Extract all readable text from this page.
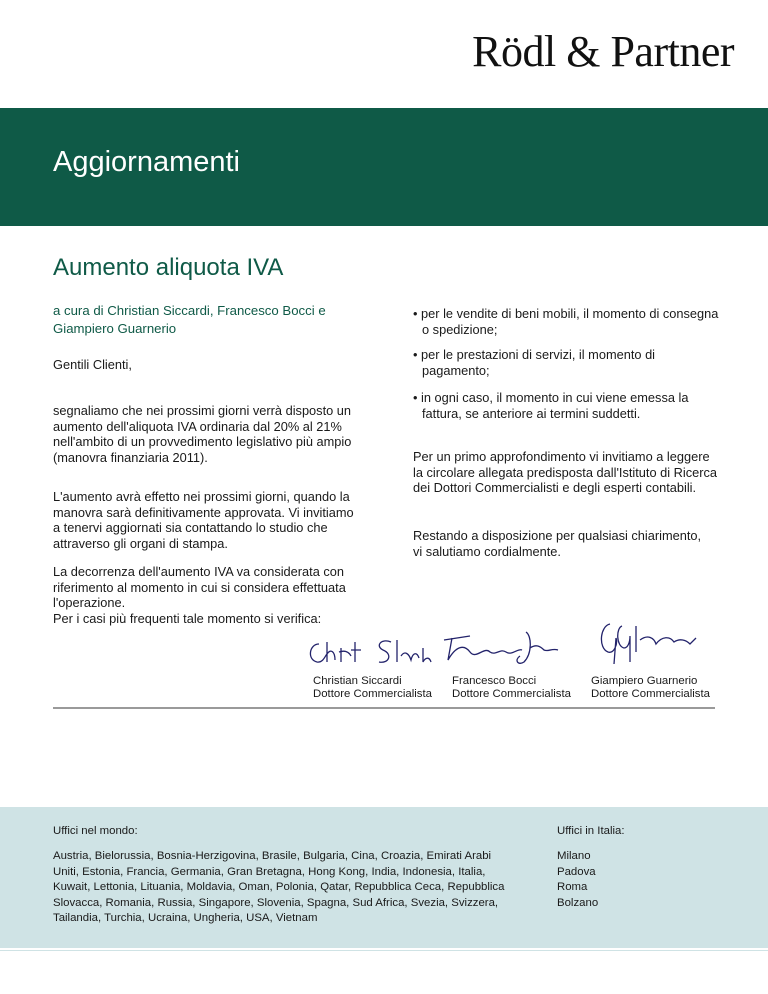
Rödl & Partner
Aggiornamenti
Aumento aliquota IVA
a cura di Christian Siccardi, Francesco Bocci e Giampiero Guarnerio
Gentili Clienti,
segnaliamo che nei prossimi giorni verrà disposto un
aumento dell'aliquota IVA ordinaria dal 20% al 21%
nell'ambito di un provvedimento legislativo più ampio
(manovra finanziaria 2011).
L'aumento avrà effetto nei prossimi giorni, quando la
manovra sarà definitivamente approvata. Vi invitiamo
a tenervi aggiornati sia contattando lo studio che
attraverso gli organi di stampa.
La decorrenza dell'aumento IVA va considerata con
riferimento al momento in cui si considera effettuata
l'operazione.
Per i casi più frequenti tale momento si verifica:
• per le vendite di beni mobili, il momento di consegna
o spedizione;
• per le prestazioni di servizi, il momento di
pagamento;
• in ogni caso, il momento in cui viene emessa la
fattura, se anteriore ai termini suddetti.
Per un primo approfondimento vi invitiamo a leggere
la circolare allegata predisposta dall'Istituto di Ricerca
dei Dottori Commercialisti e degli esperti contabili.
Restando a disposizione per qualsiasi chiarimento,
vi salutiamo cordialmente.
Christian Siccardi
Dottore Commercialista
Francesco Bocci
Dottore Commercialista
Giampiero Guarnerio
Dottore Commercialista
Uffici nel mondo:
Austria, Bielorussia, Bosnia-Herzigovina, Brasile, Bulgaria, Cina, Croazia, Emirati Arabi
Uniti, Estonia, Francia, Germania, Gran Bretagna, Hong Kong, India, Indonesia, Italia,
Kuwait, Lettonia, Lituania, Moldavia, Oman, Polonia, Qatar, Repubblica Ceca, Repubblica
Slovacca, Romania, Russia, Singapore, Slovenia, Spagna, Sud Africa, Svezia, Svizzera,
Tailandia, Turchia, Ucraina, Ungheria, USA, Vietnam
Uffici in Italia:
Milano
Padova
Roma
Bolzano
